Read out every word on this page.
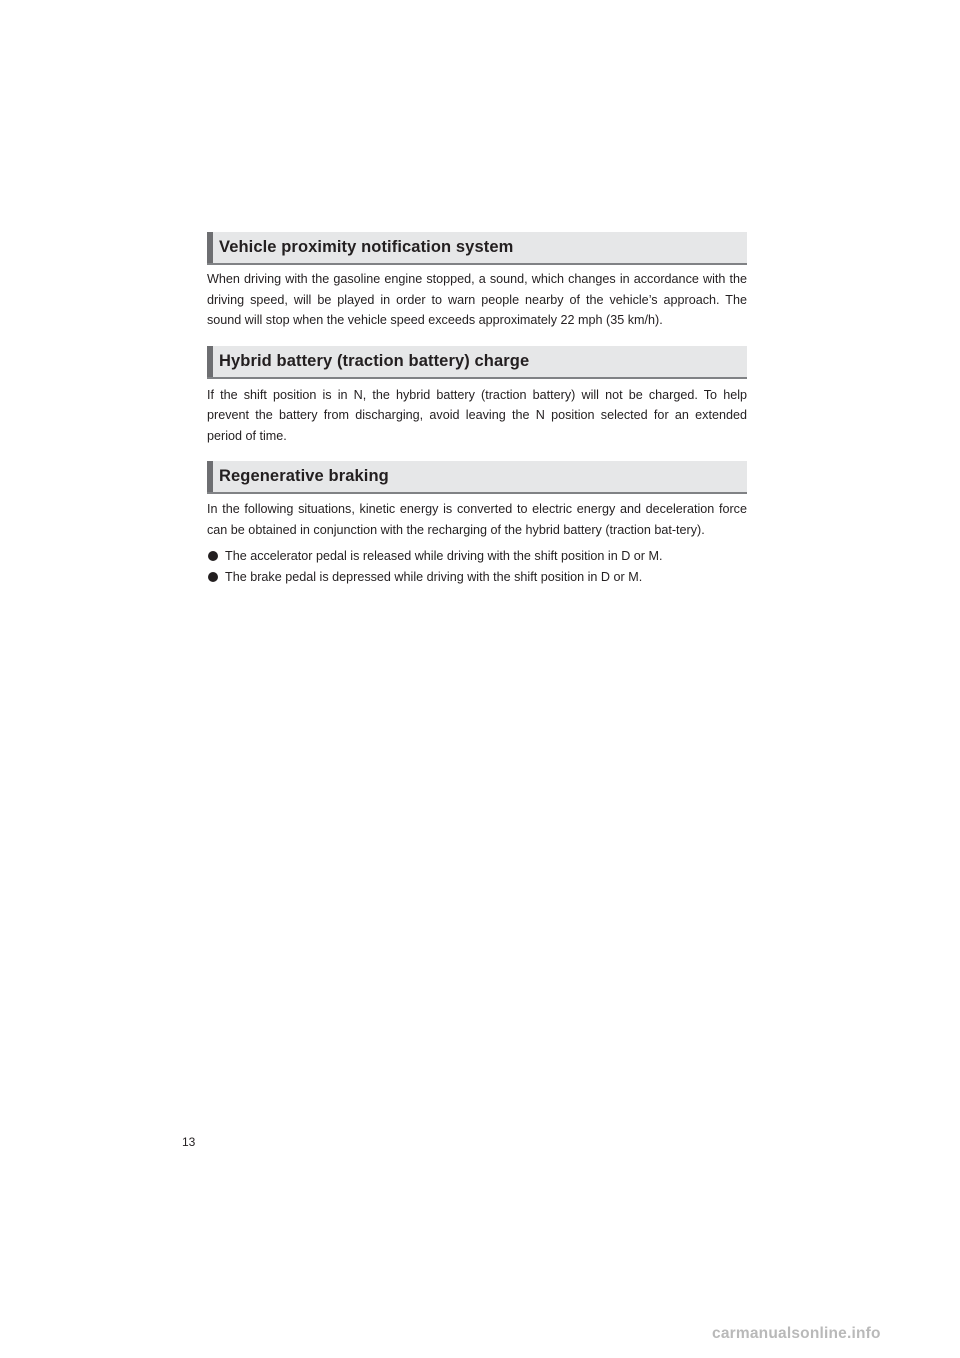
Vehicle proximity notification system

When driving with the gasoline engine stopped, a sound, which changes in accordance with the driving speed, will be played in order to warn people nearby of the vehicle’s approach. The sound will stop when the vehicle speed exceeds approximately 22 mph (35 km/h).

Hybrid battery (traction battery) charge

If the shift position is in N, the hybrid battery (traction battery) will not be charged. To help prevent the battery from discharging, avoid leaving the N position selected for an extended period of time.

Regenerative braking

In the following situations, kinetic energy is converted to electric energy and deceleration force can be obtained in conjunction with the recharging of the hybrid battery (traction bat-tery).

The accelerator pedal is released while driving with the shift position in D or M.
The brake pedal is depressed while driving with the shift position in D or M.
13
carmanualsonline.info
